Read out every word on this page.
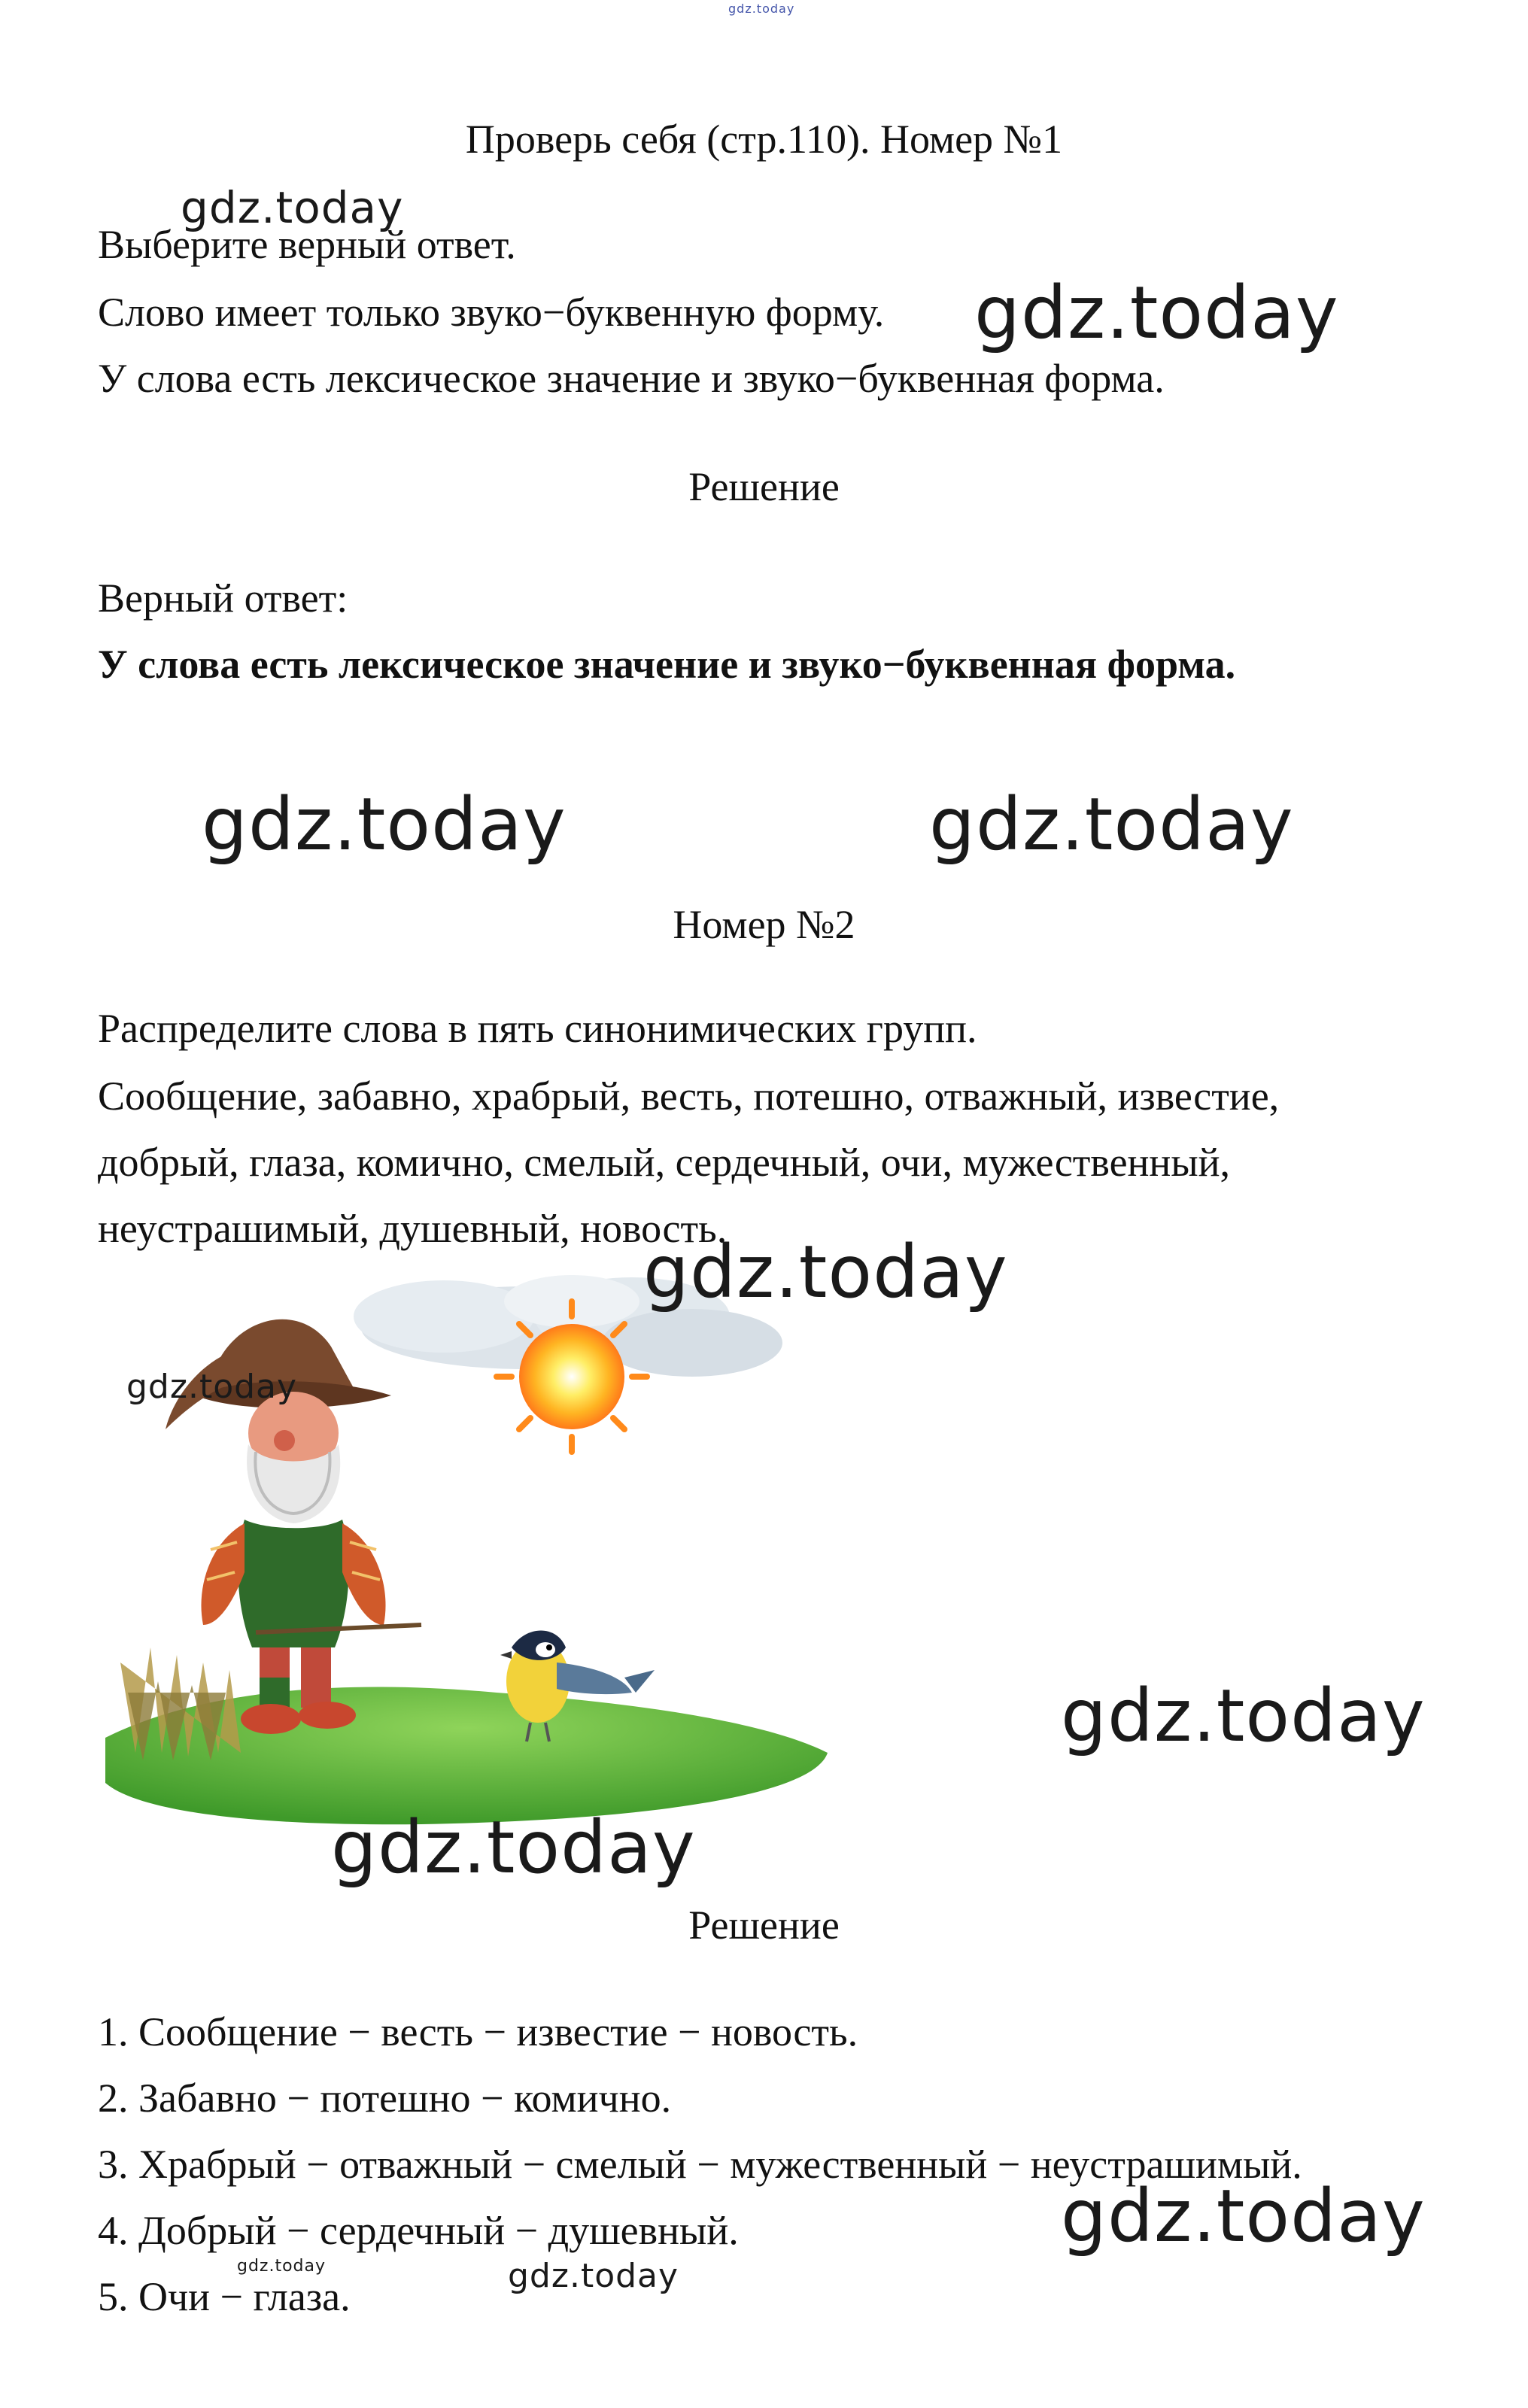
gdz.today
Проверь себя (стр.110). Номер №1
Выберите верный ответ.
Слово имеет только звуко−буквенную форму.
У слова есть лексическое значение и звуко−буквенная форма.
Решение
Верный ответ:
У слова есть лексическое значение и звуко−буквенная форма.
Номер №2
Распределите слова в пять синонимических групп.
Сообщение, забавно, храбрый, весть, потешно, отважный, известие,
добрый, глаза, комично, смелый, сердечный, очи, мужественный,
неустрашимый, душевный, новость.
Решение
1. Сообщение − весть − известие − новость.
2. Забавно − потешно − комично.
3. Храбрый − отважный − смелый − мужественный − неустрашимый.
4. Добрый − сердечный − душевный.
5. Очи − глаза.
gdz.today
gdz.today
gdz.today	gdz.today
gdz.today
gdz.today
gdz.today
gdz.today
gdz.today
gdz.today
gdz.today
